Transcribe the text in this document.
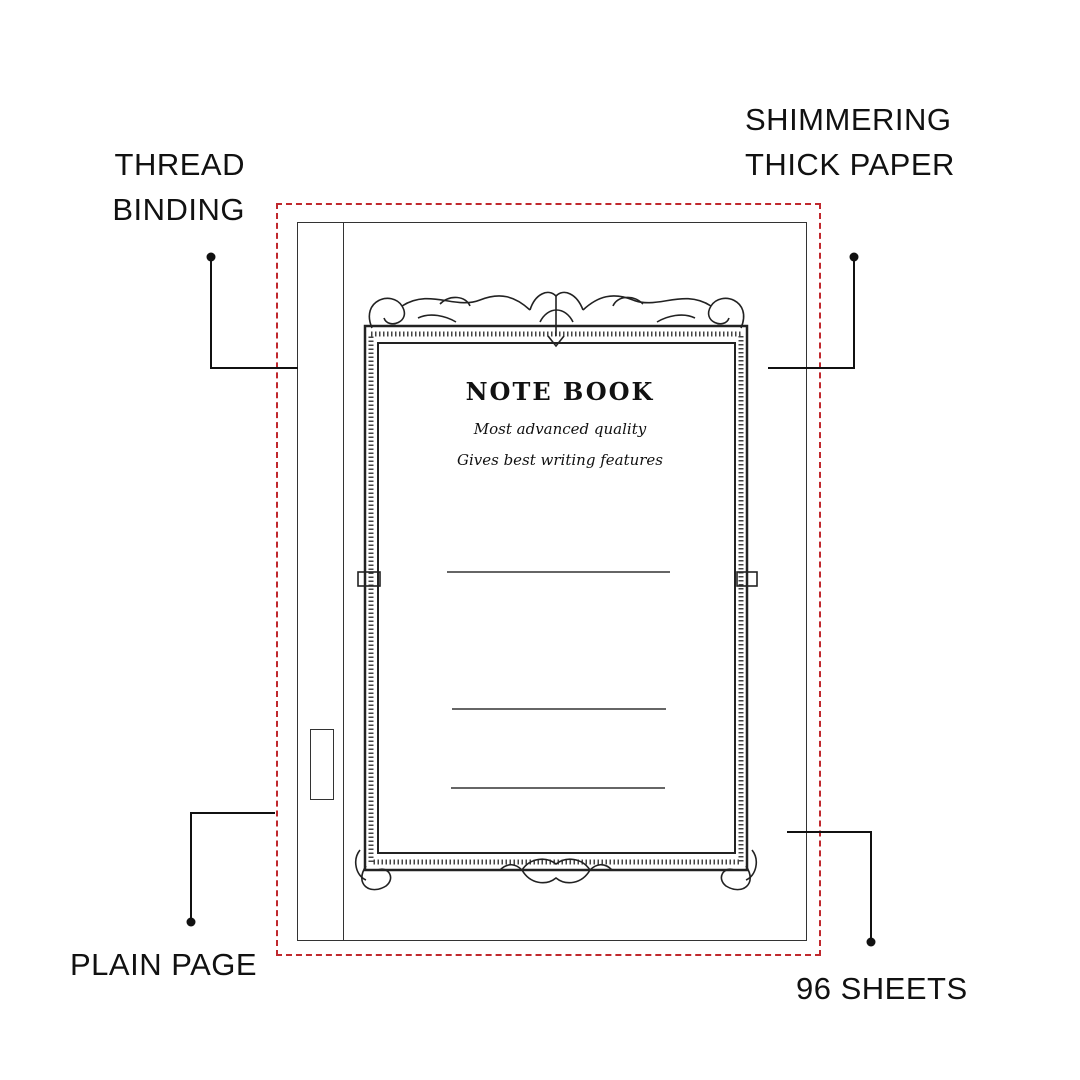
THREAD
BINDING
SHIMMERING
THICK PAPER
PLAIN PAGE
96 SHEETS
NOTE BOOK
Most advanced quality
Gives best writing features
